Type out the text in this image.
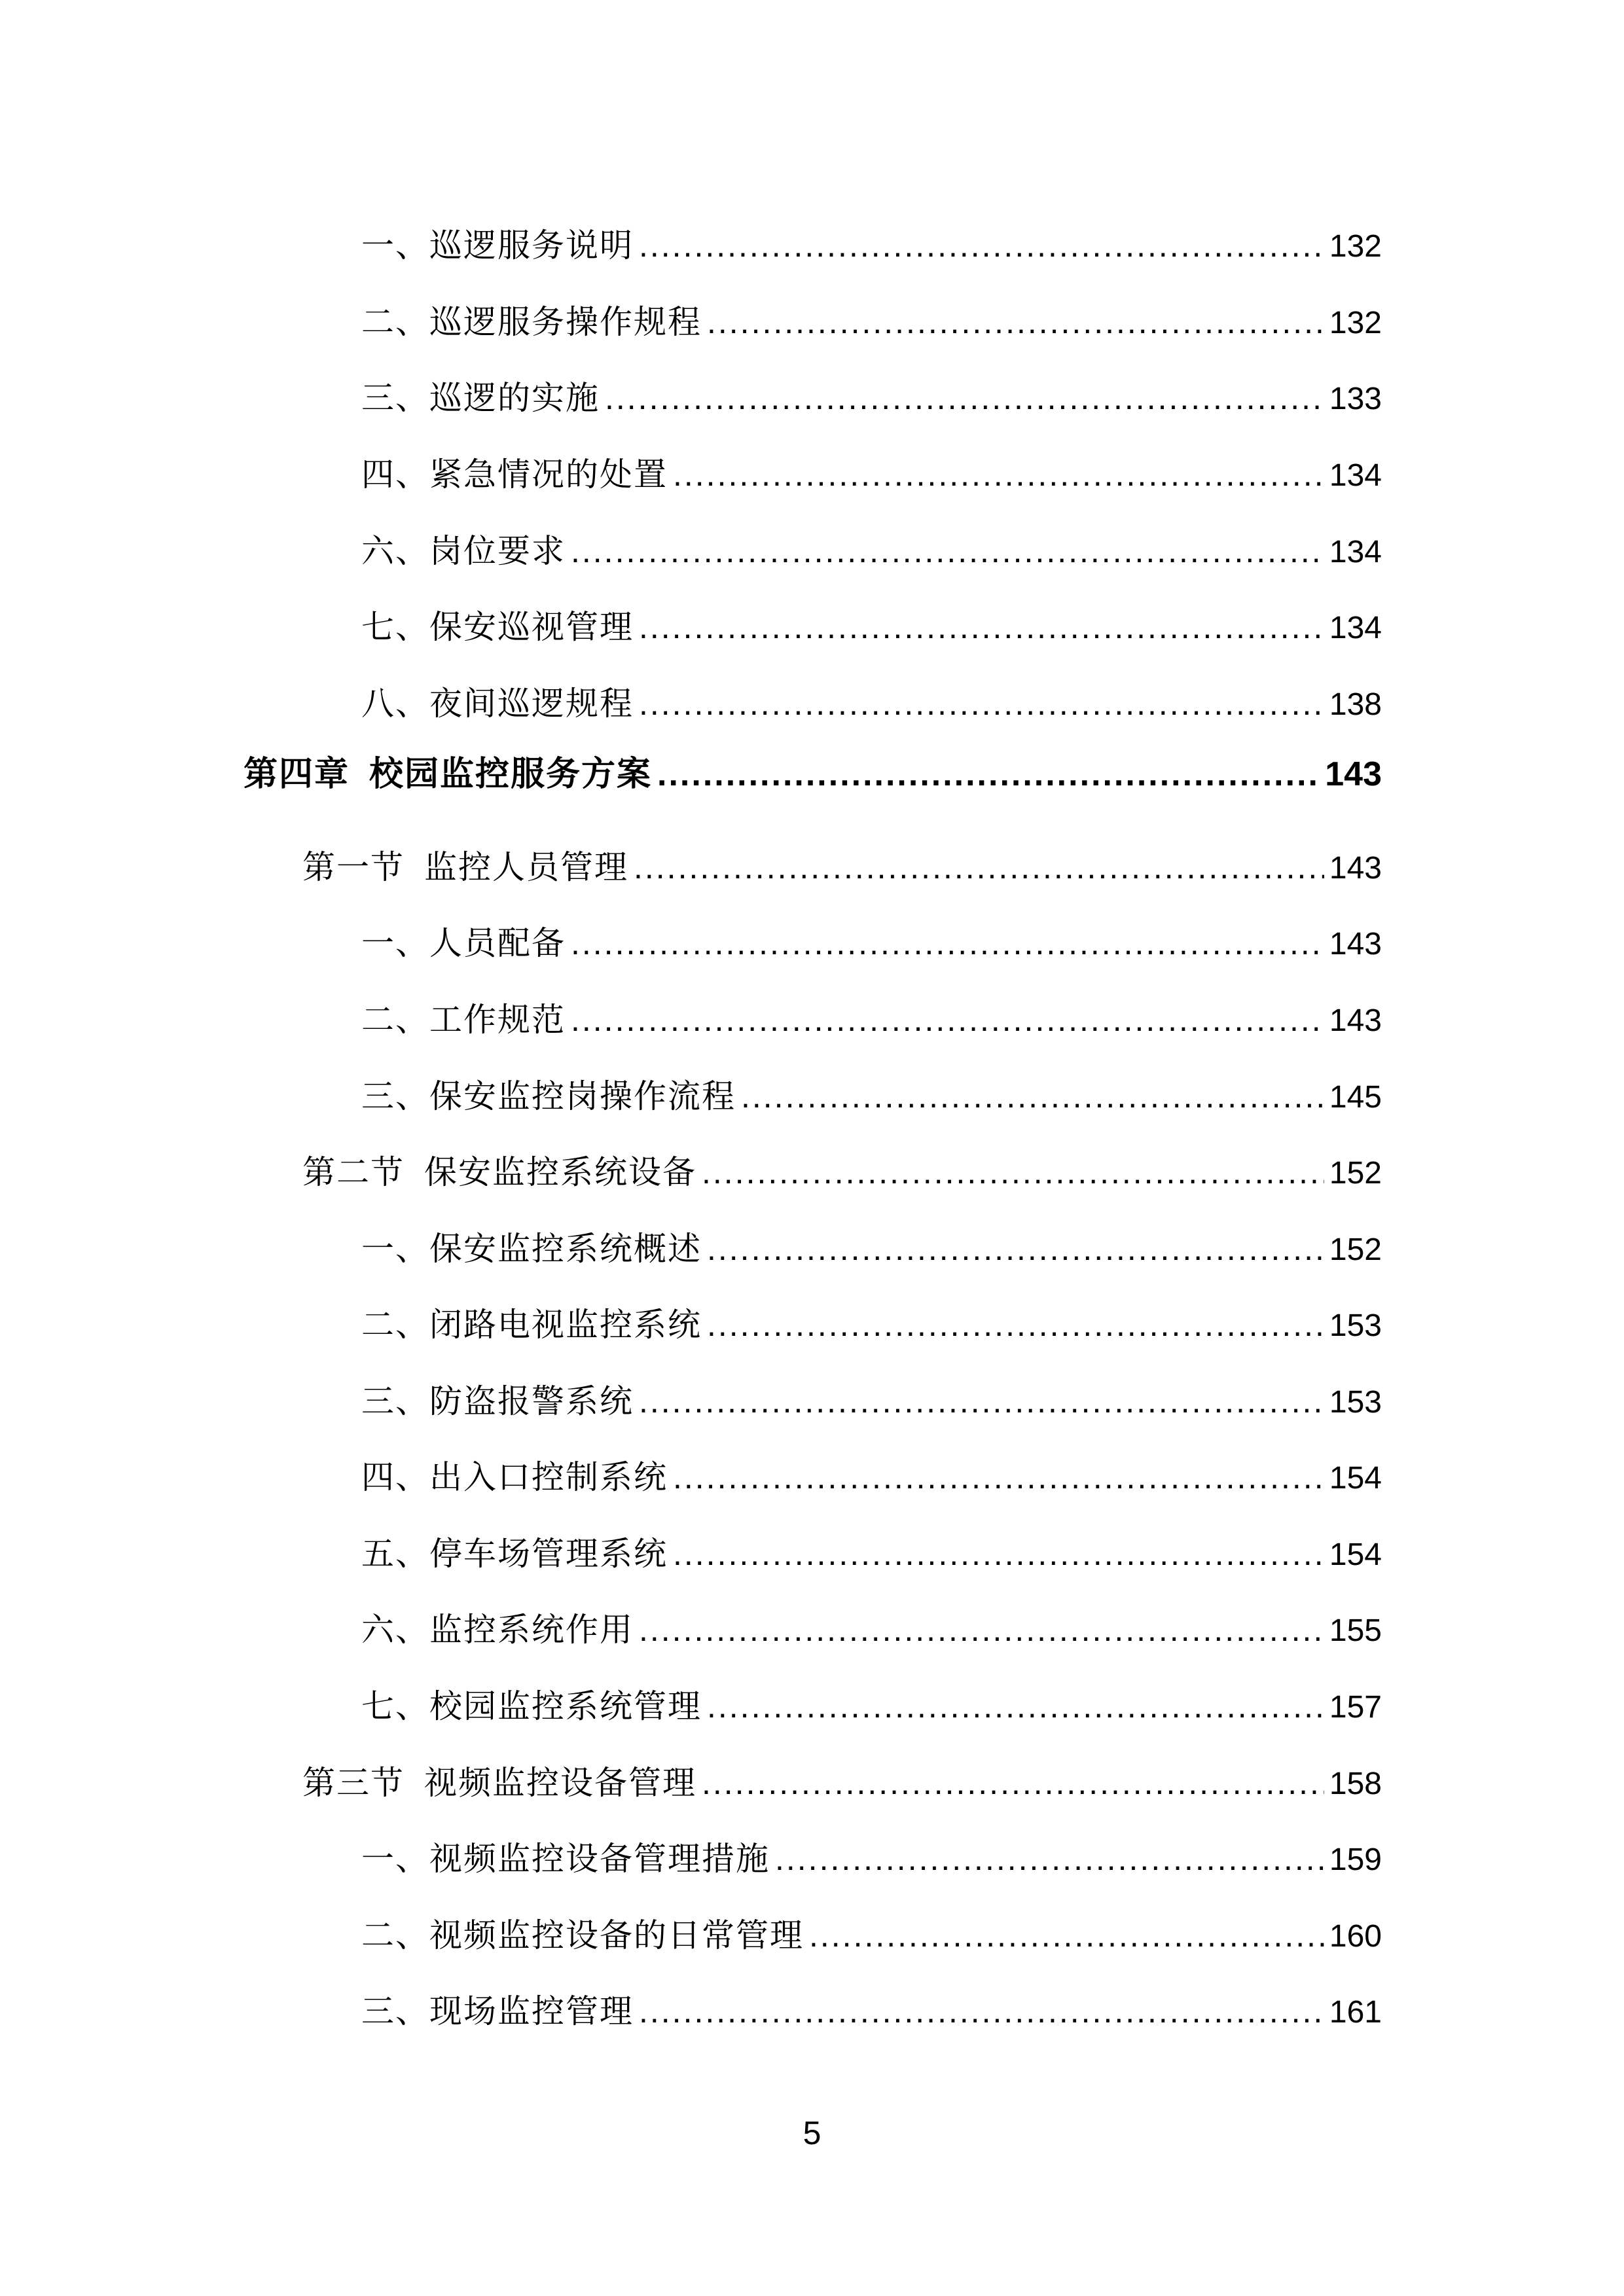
一、巡逻服务说明 .....	132
二、巡逻服务操作规程 .....	132
三、巡逻的实施 .....	133
四、紧急情况的处置 .....	134
六、岗位要求 .....	134
七、保安巡视管理 .....	134
八、夜间巡逻规程 .....	138
第四章 校园监控服务方案 .....	143
第一节 监控人员管理 .....	143
一、人员配备 .....	143
二、工作规范 .....	143
三、保安监控岗操作流程 .....	145
第二节 保安监控系统设备 .....	152
一、保安监控系统概述 .....	152
二、闭路电视监控系统 .....	153
三、防盗报警系统 .....	153
四、出入口控制系统 .....	154
五、停车场管理系统 .....	154
六、监控系统作用 .....	155
七、校园监控系统管理 .....	157
第三节 视频监控设备管理 .....	158
一、视频监控设备管理措施 .....	159
二、视频监控设备的日常管理 .....	160
三、现场监控管理 .....	161
5
